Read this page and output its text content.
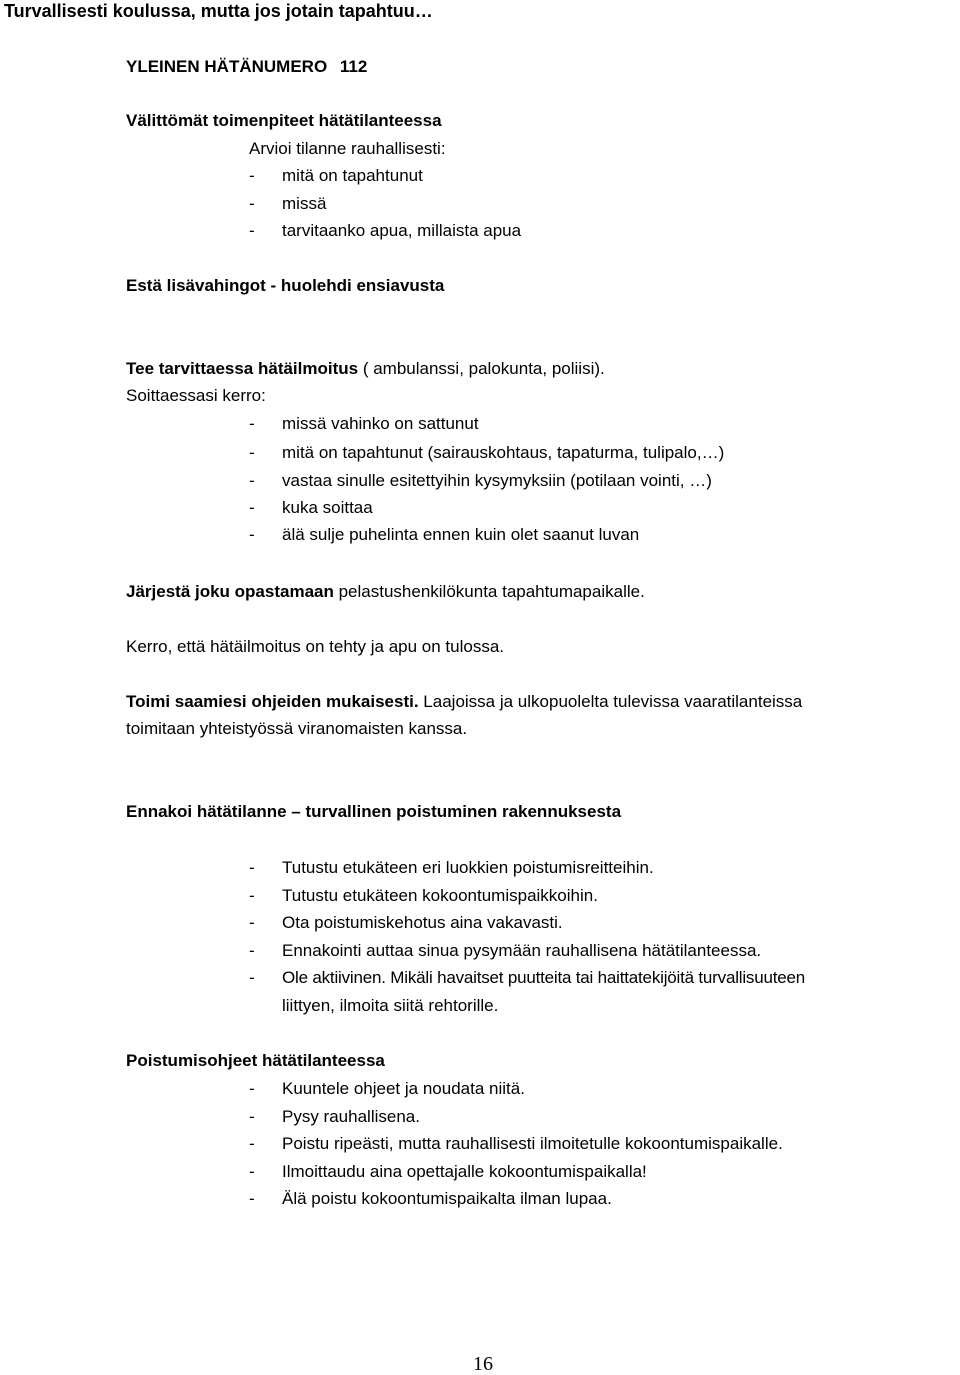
Turvallisesti koulussa, mutta jos jotain tapahtuu…
YLEINEN HÄTÄNUMERO 112
Välittömät toimenpiteet hätätilanteessa
Arvioi tilanne rauhallisesti:
- mitä on tapahtunut
- missä
- tarvitaanko apua, millaista apua
Estä lisävahingot - huolehdi ensiavusta
Tee tarvittaessa hätäilmoitus ( ambulanssi, palokunta, poliisi).
Soittaessasi kerro:
- missä vahinko on sattunut
- mitä on tapahtunut (sairauskohtaus, tapaturma, tulipalo,…)
- vastaa sinulle esitettyihin kysymyksiin (potilaan vointi, …)
- kuka soittaa
- älä sulje puhelinta ennen kuin olet saanut luvan
Järjestä joku opastamaan pelastushenkilökunta tapahtumapaikalle.
Kerro, että hätäilmoitus on tehty ja apu on tulossa.
Toimi saamiesi ohjeiden mukaisesti. Laajoissa ja ulkopuolelta tulevissa vaaratilanteissa
toimitaan yhteistyössä viranomaisten kanssa.
Ennakoi hätätilanne – turvallinen poistuminen rakennuksesta
- Tutustu etukäteen eri luokkien poistumisreitteihin.
- Tutustu etukäteen kokoontumispaikkoihin.
- Ota poistumiskehotus aina vakavasti.
- Ennakointi auttaa sinua pysymään rauhallisena hätätilanteessa.
- Ole aktiivinen. Mikäli havaitset puutteita tai haittatekijöitä turvallisuuteen
liittyen, ilmoita siitä rehtorille.
Poistumisohjeet hätätilanteessa
- Kuuntele ohjeet ja noudata niitä.
- Pysy rauhallisena.
- Poistu ripeästi, mutta rauhallisesti ilmoitetulle kokoontumispaikalle.
- Ilmoittaudu aina opettajalle kokoontumispaikalla!
- Älä poistu kokoontumispaikalta ilman lupaa.
16
